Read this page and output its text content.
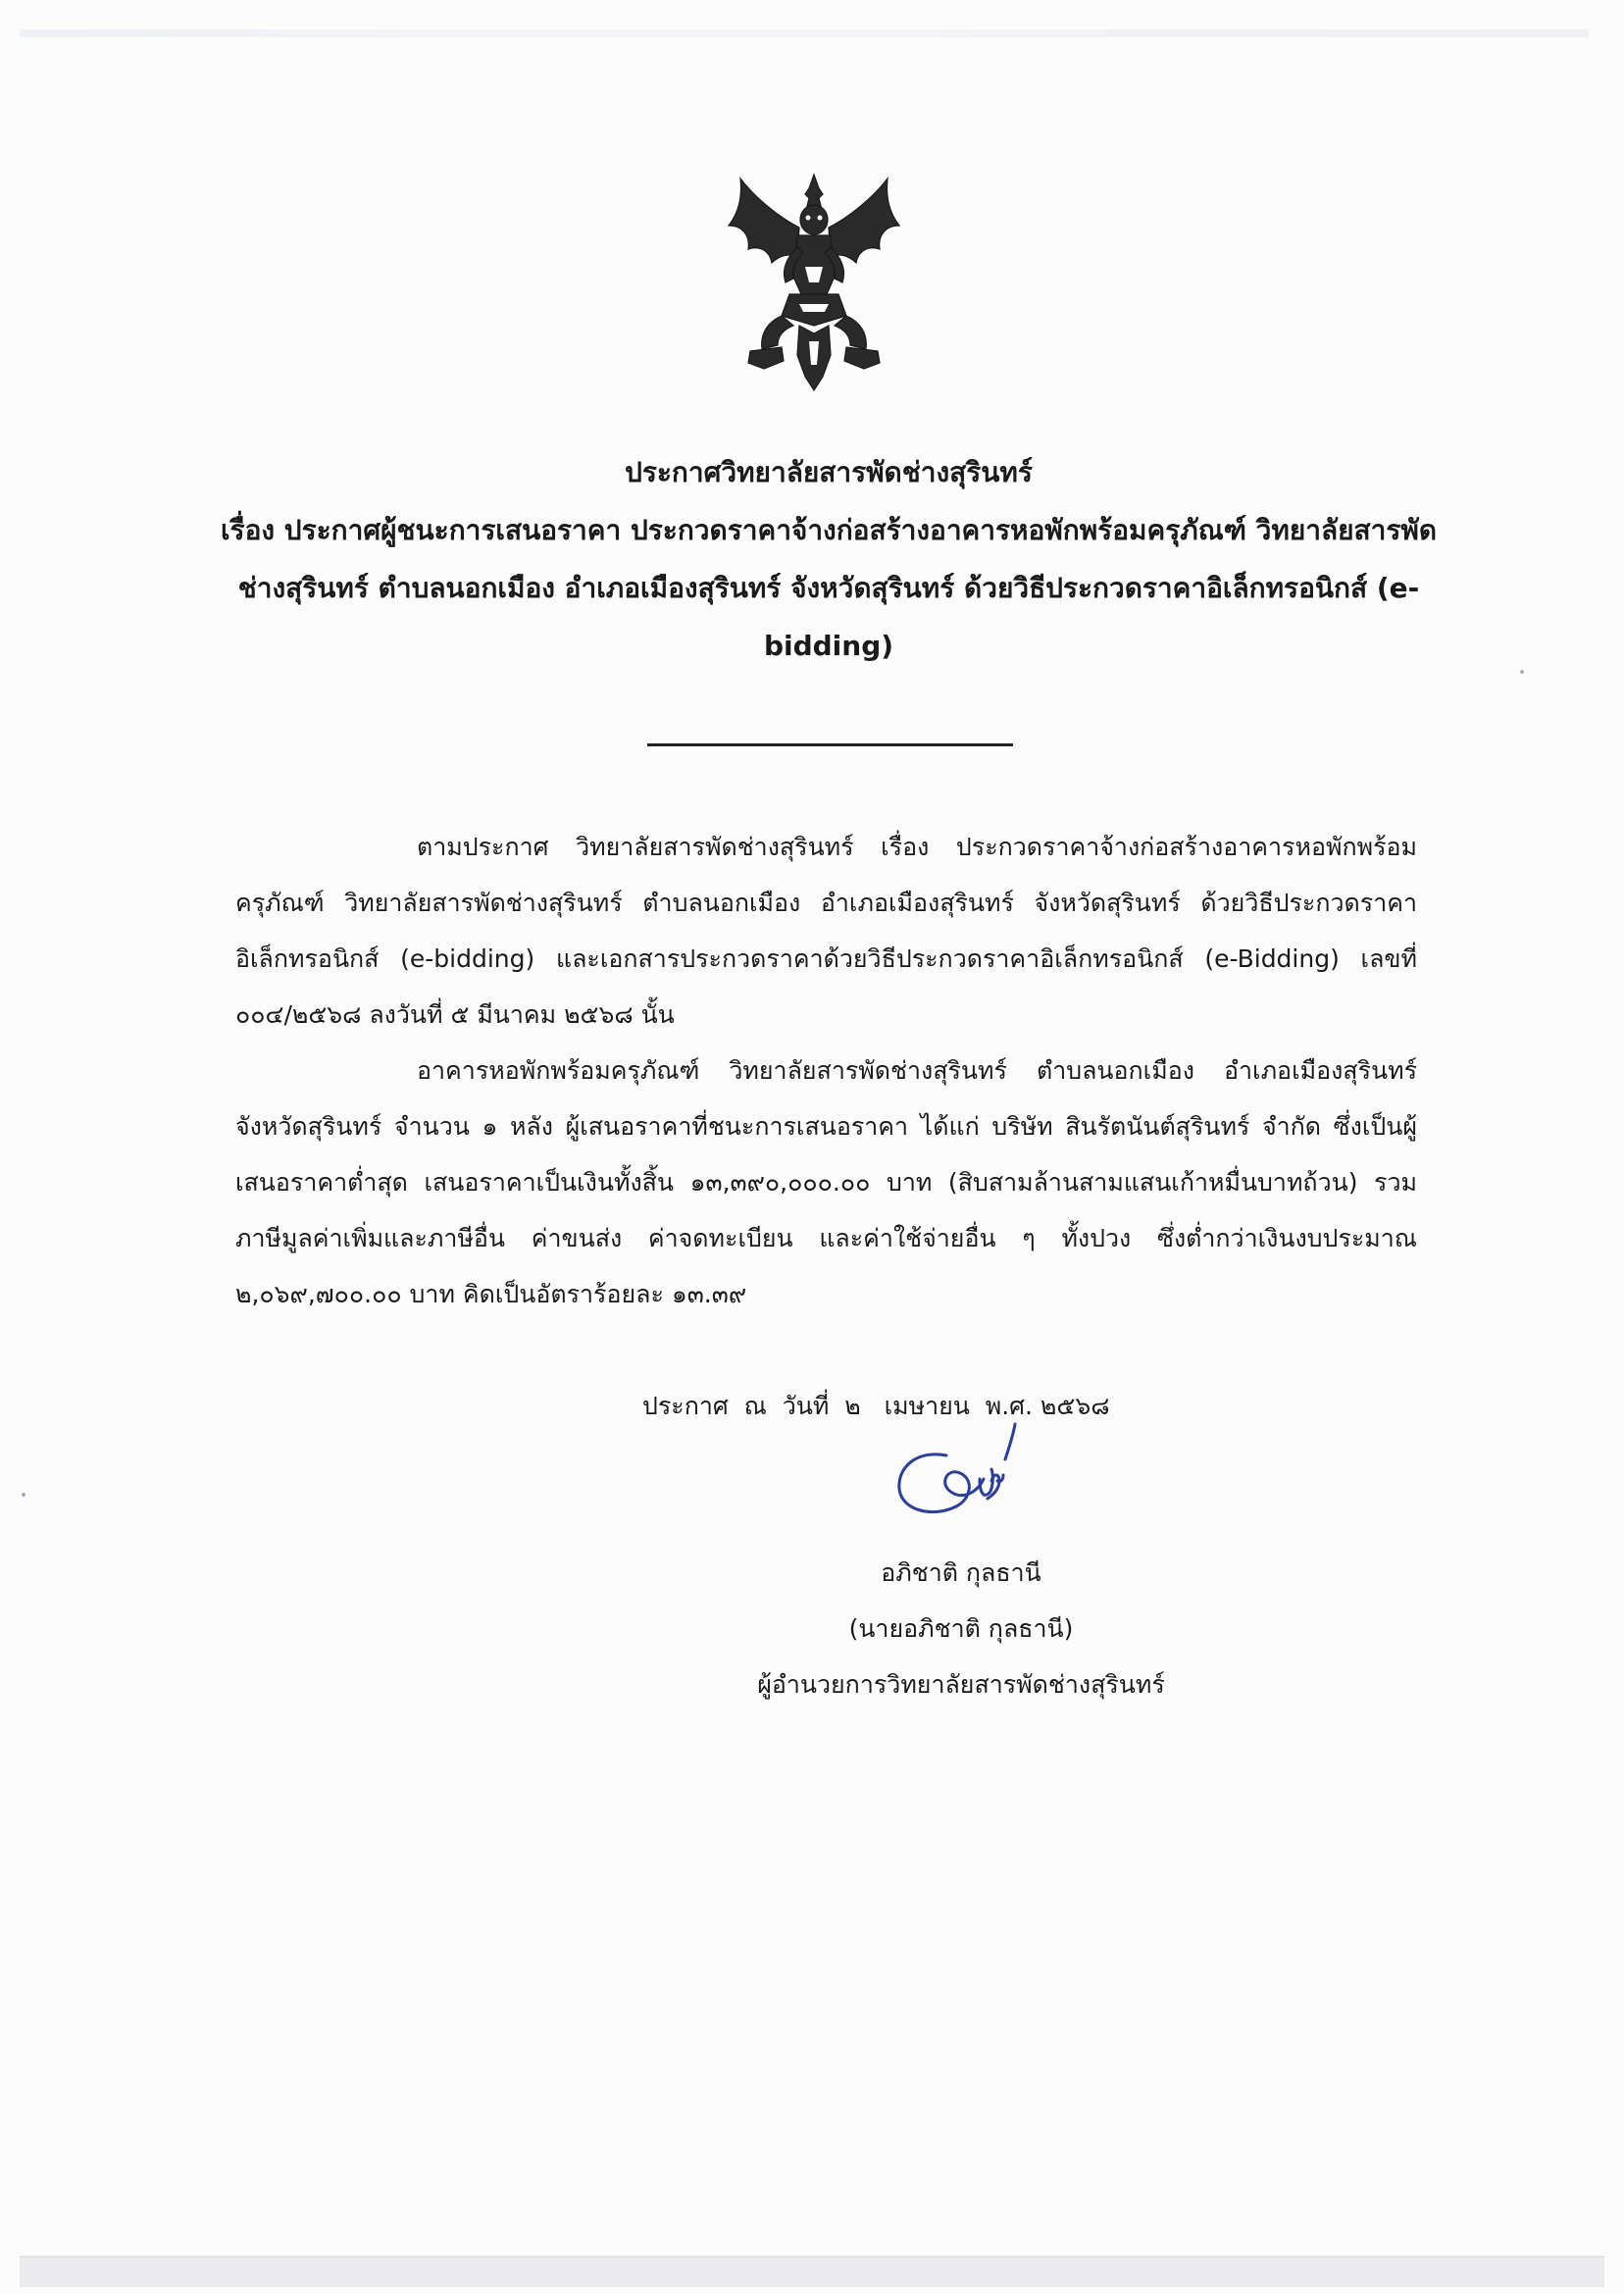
ประกาศวิทยาลัยสารพัดช่างสุรินทร์
เรื่อง ประกาศผู้ชนะการเสนอราคา ประกวดราคาจ้างก่อสร้างอาคารหอพักพร้อมครุภัณฑ์ วิทยาลัยสารพัด
ช่างสุรินทร์ ตำบลนอกเมือง อำเภอเมืองสุรินทร์ จังหวัดสุรินทร์ ด้วยวิธีประกวดราคาอิเล็กทรอนิกส์ (e-
bidding)

ตามประกาศ วิทยาลัยสารพัดช่างสุรินทร์ เรื่อง ประกวดราคาจ้างก่อสร้างอาคารหอพักพร้อมครุภัณฑ์ วิทยาลัยสารพัดช่างสุรินทร์ ตำบลนอกเมือง อำเภอเมืองสุรินทร์ จังหวัดสุรินทร์ ด้วยวิธีประกวดราคาอิเล็กทรอนิกส์ (e-bidding) และเอกสารประกวดราคาด้วยวิธีประกวดราคาอิเล็กทรอนิกส์ (e-Bidding) เลขที่ ๐๐๔/๒๕๖๘ ลงวันที่ ๕ มีนาคม ๒๕๖๘ นั้น

อาคารหอพักพร้อมครุภัณฑ์ วิทยาลัยสารพัดช่างสุรินทร์ ตำบลนอกเมือง อำเภอเมืองสุรินทร์ จังหวัดสุรินทร์ จำนวน ๑ หลัง ผู้เสนอราคาที่ชนะการเสนอราคา ได้แก่ บริษัท สินรัตนันต์สุรินทร์ จำกัด ซึ่งเป็นผู้เสนอราคาต่ำสุด เสนอราคาเป็นเงินทั้งสิ้น ๑๓,๓๙๐,๐๐๐.๐๐ บาท (สิบสามล้านสามแสนเก้าหมื่นบาทถ้วน) รวมภาษีมูลค่าเพิ่มและภาษีอื่น ค่าขนส่ง ค่าจดทะเบียน และค่าใช้จ่ายอื่น ๆ ทั้งปวง ซึ่งต่ำกว่าเงินงบประมาณ ๒,๐๖๙,๗๐๐.๐๐ บาท คิดเป็นอัตราร้อยละ ๑๓.๓๙

ประกาศ  ณ  วันที่  ๒   เมษายน  พ.ศ. ๒๕๖๘
อภิชาติ กุลธานี
(นายอภิชาติ กุลธานี)
ผู้อำนวยการวิทยาลัยสารพัดช่างสุรินทร์
